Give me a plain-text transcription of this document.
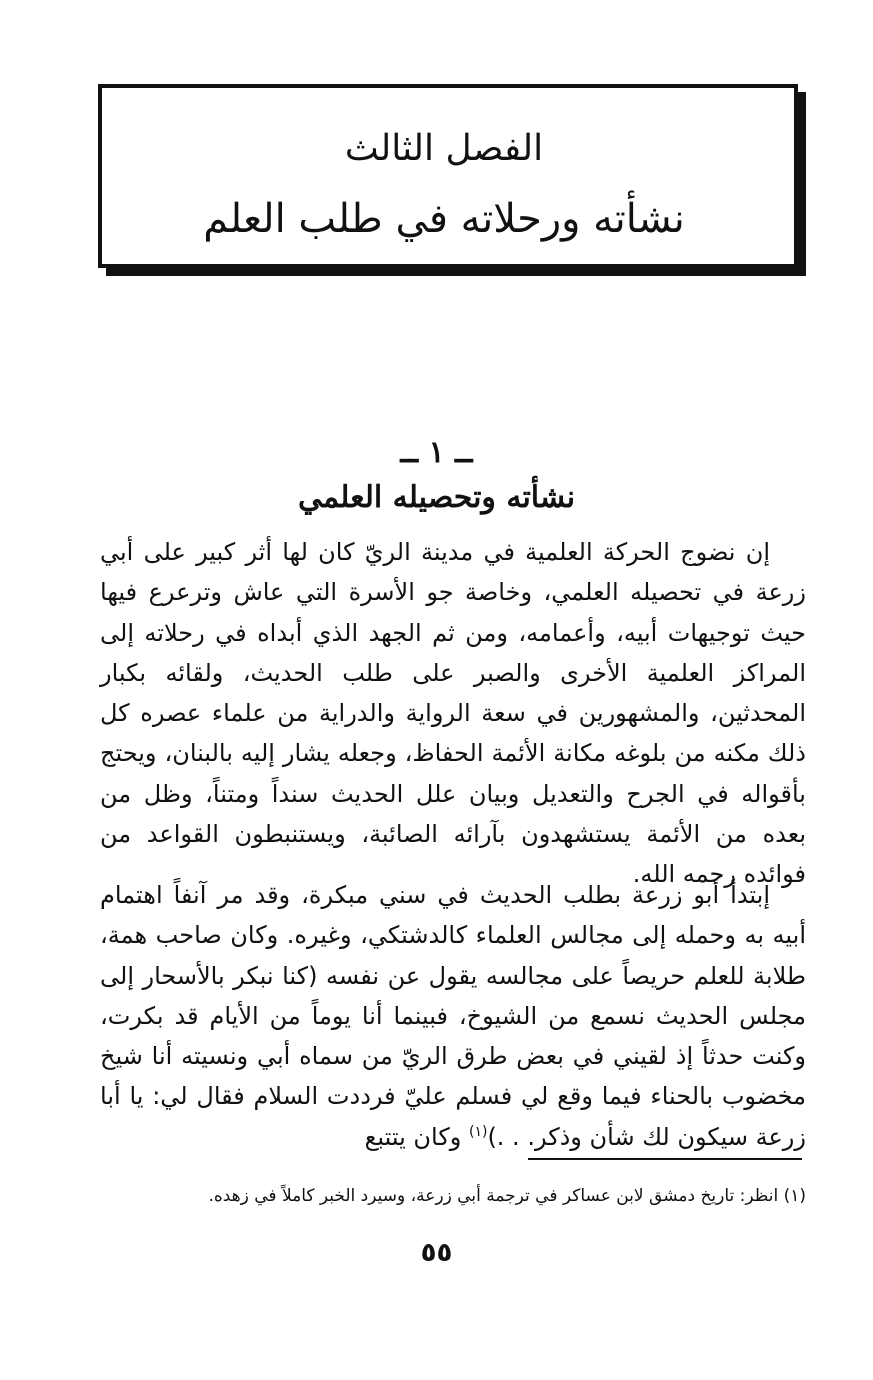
الفصل الثالث
نشأته ورحلاته في طلب العلم
ــ ١ ــ
نشأته وتحصيله العلمي

إن نضوج الحركة العلمية في مدينة الريّ كان لها أثر كبير على أبي زرعة في تحصيله العلمي، وخاصة جو الأسرة التي عاش وترعرع فيها حيث توجيهات أبيه، وأعمامه، ومن ثم الجهد الذي أبداه في رحلاته إلى المراكز العلمية الأخرى والصبر على طلب الحديث، ولقائه بكبار المحدثين، والمشهورين في سعة الرواية والدراية من علماء عصره كل ذلك مكنه من بلوغه مكانة الأئمة الحفاظ، وجعله يشار إليه بالبنان، ويحتج بأقواله في الجرح والتعديل وبيان علل الحديث سنداً ومتناً، وظل من بعده من الأئمة يستشهدون بآرائه الصائبة، ويستنبطون القواعد من فوائده رحمه الله.

إبتدأ أبو زرعة بطلب الحديث في سني مبكرة، وقد مر آنفاً اهتمام أبيه به وحمله إلى مجالس العلماء كالدشتكي، وغيره. وكان صاحب همة، طلابة للعلم حريصاً على مجالسه يقول عن نفسه (كنا نبكر بالأسحار إلى مجلس الحديث نسمع من الشيوخ، فبينما أنا يوماً من الأيام قد بكرت، وكنت حدثاً إذ لقيني في بعض طرق الريّ من سماه أبي ونسيته أنا شيخ مخضوب بالحناء فيما وقع لي فسلم عليّ فرددت السلام فقال لي: يا أبا زرعة سيكون لك شأن وذكر. . .)$^{(١)}$ وكان يتتبع

(١) انظر: تاريخ دمشق لابن عساكر في ترجمة أبي زرعة، وسيرد الخبر كاملاً في زهده.
٥٥
